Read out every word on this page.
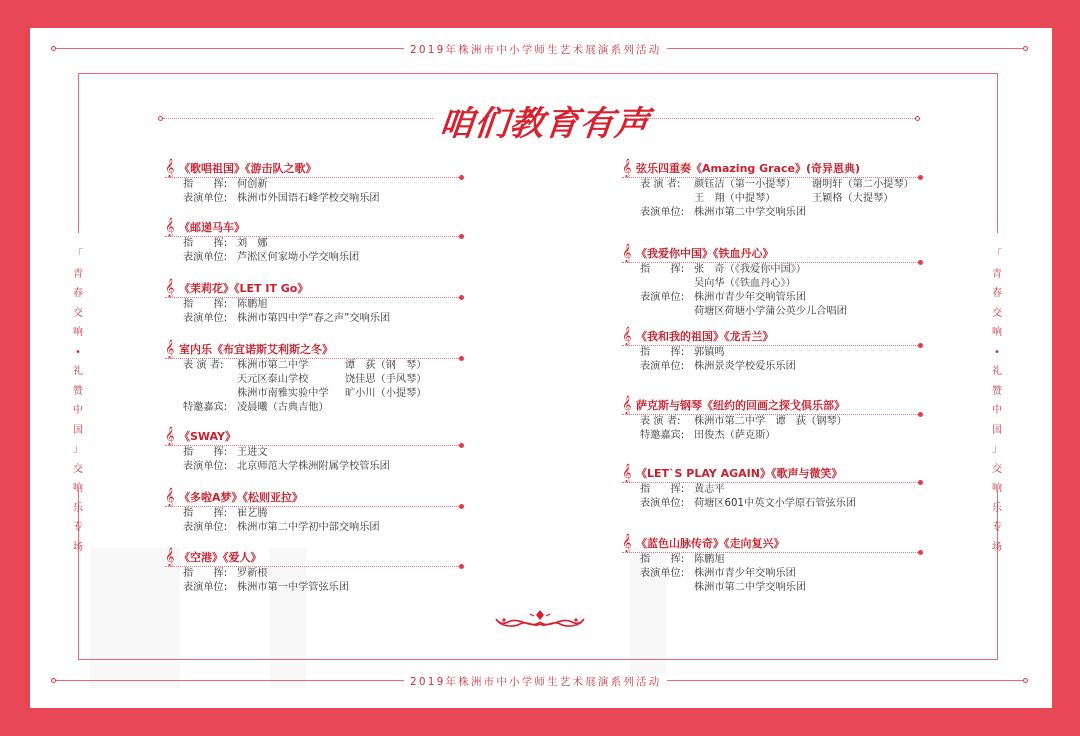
2019年株洲市中小学师生艺术展演系列活动
2019年株洲市中小学师生艺术展演系列活动
「
青
春
交
响
•
礼
赞
中
国
」
交
响
乐
专
场
「
青
春
交
响
•
礼
赞
中
国
」
交
响
乐
专
场
咱们教育有声
𝄞 《歌唱祖国》《游击队之歌》
指　　挥: 何创新
表演单位: 株洲市外国语石峰学校交响乐团
𝄞 《邮递马车》
指　　挥: 刘　娜
表演单位: 芦淞区何家坳小学交响乐团
𝄞 《茉莉花》《LET IT Go》
指　　挥: 陈鹏旭
表演单位: 株洲市第四中学“春之声”交响乐团
𝄞 室内乐《布宜诺斯艾利斯之冬》
表 演 者: 株洲市第二中学	谭　荻（钢　琴）
天元区泰山学校	饶佳思（手风琴）
株洲市南雅实验中学 旷小川（小提琴）
特邀嘉宾: 凌晨曦（古典吉他）
𝄞 《SWAY》
指　　挥: 王进文
表演单位: 北京师范大学株洲附属学校管乐团
𝄞 《多啦A梦》《松则亚拉》
指　　挥: 崔艺腾
表演单位: 株洲市第二中学初中部交响乐团
𝄞 《空港》《爱人》
指　　挥: 罗新根
表演单位: 株洲市第一中学管弦乐团
𝄞 弦乐四重奏《Amazing Grace》(奇异恩典)
表 演 者: 颜钰洁（第一小提琴） 谢明轩（第二小提琴）
王　翔（中提琴）	王颖格（大提琴）
表演单位: 株洲市第二中学交响乐团
𝄞 《我爱你中国》《铁血丹心》
指　　挥: 张　奇（《我爱你中国》）
吴向华（《铁血丹心》）
表演单位: 株洲市青少年交响管乐团
荷塘区荷塘小学蒲公英少儿合唱团
𝄞 《我和我的祖国》《龙舌兰》
指　　挥: 郭镇鸣
表演单位: 株洲景炎学校爱乐乐团
𝄞 萨克斯与钢琴《纽约的回画之探戈俱乐部》
表 演 者: 株洲市第二中学　谭　荻（钢琴）
特邀嘉宾: 田俊杰（萨克斯）
𝄞 《LET`S PLAY AGAIN》《歌声与微笑》
指　　挥: 黄志平
表演单位: 荷塘区601中英文小学原石管弦乐团
𝄞 《蓝色山脉传奇》《走向复兴》
指　　挥: 陈鹏旭
表演单位: 株洲市青少年交响乐团
株洲市第二中学交响乐团
